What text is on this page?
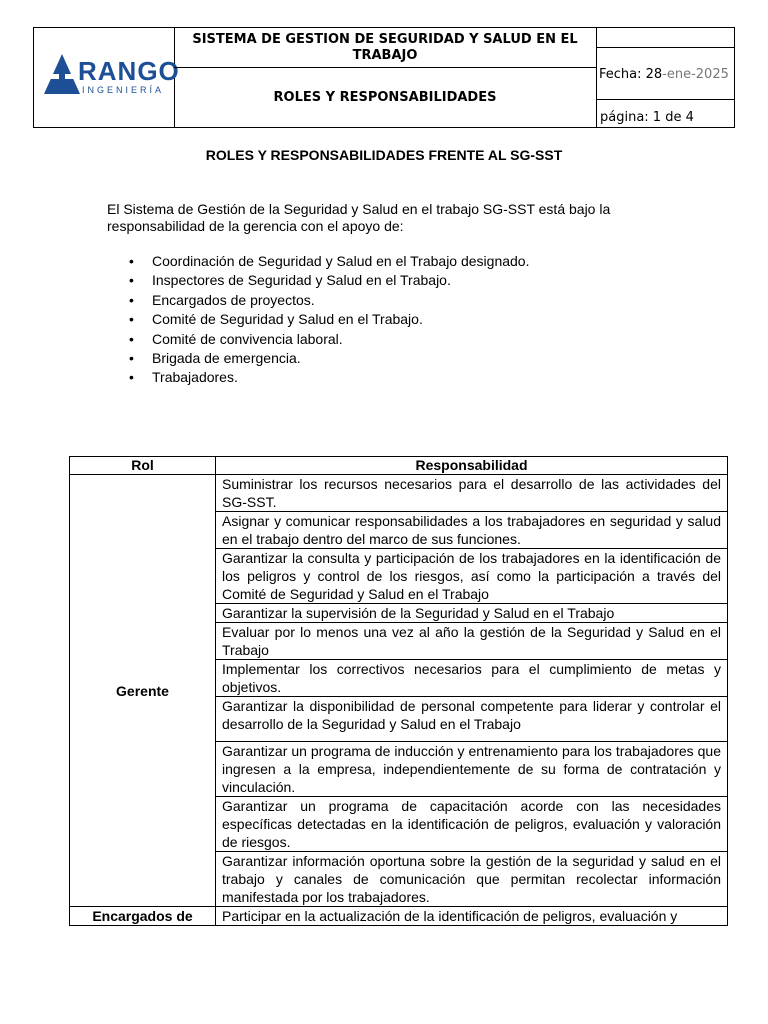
RANGO
INGENIERÍA
SISTEMA DE GESTION DE SEGURIDAD Y SALUD EN EL TRABAJO
ROLES Y RESPONSABILIDADES
Fecha: 28-ene-2025
página: 1 de 4
ROLES Y RESPONSABILIDADES FRENTE AL SG-SST
El Sistema de Gestión de la Seguridad y Salud en el trabajo SG-SST está bajo la responsabilidad de la gerencia con el apoyo de:
• Coordinación de Seguridad y Salud en el Trabajo designado.
• Inspectores de Seguridad y Salud en el Trabajo.
• Encargados de proyectos.
• Comité de Seguridad y Salud en el Trabajo.
• Comité de convivencia laboral.
• Brigada de emergencia.
• Trabajadores.
Rol	Responsabilidad
Gerente	Suministrar los recursos necesarios para el desarrollo de las actividades del SG-SST.
	Asignar y comunicar responsabilidades a los trabajadores en seguridad y salud en el trabajo dentro del marco de sus funciones.
	Garantizar la consulta y participación de los trabajadores en la identificación de los peligros y control de los riesgos, así como la participación a través del Comité de Seguridad y Salud en el Trabajo
	Garantizar la supervisión de la Seguridad y Salud en el Trabajo
	Evaluar por lo menos una vez al año la gestión de la Seguridad y Salud en el Trabajo
	Implementar los correctivos necesarios para el cumplimiento de metas y objetivos.
	Garantizar la disponibilidad de personal competente para liderar y controlar el desarrollo de la Seguridad y Salud en el Trabajo
	Garantizar un programa de inducción y entrenamiento para los trabajadores que ingresen a la empresa, independientemente de su forma de contratación y vinculación.
	Garantizar un programa de capacitación acorde con las necesidades específicas detectadas en la identificación de peligros, evaluación y valoración de riesgos.
	Garantizar información oportuna sobre la gestión de la seguridad y salud en el trabajo y canales de comunicación que permitan recolectar información manifestada por los trabajadores.
Encargados de	Participar en la actualización de la identificación de peligros, evaluación y
